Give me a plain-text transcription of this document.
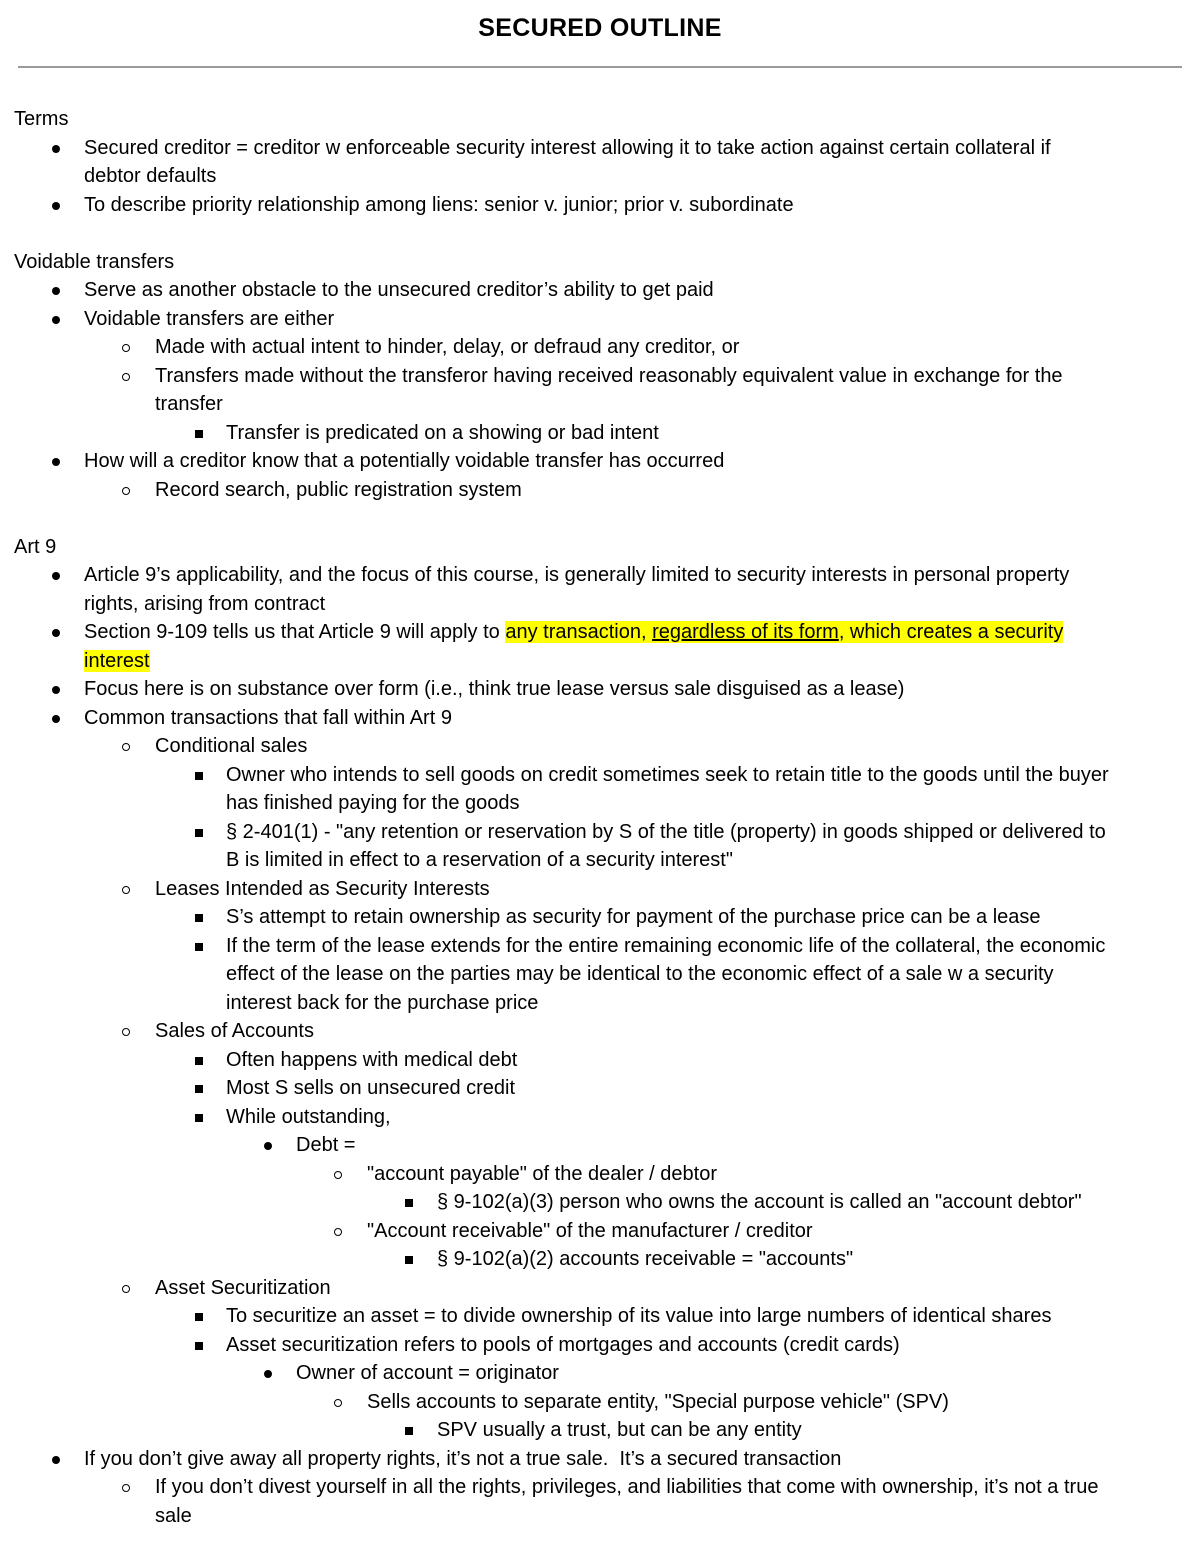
SECURED OUTLINE
Terms
Secured creditor = creditor w enforceable security interest allowing it to take action against certain collateral if
debtor defaults
To describe priority relationship among liens: senior v. junior; prior v. subordinate
Voidable transfers
Serve as another obstacle to the unsecured creditor’s ability to get paid
Voidable transfers are either
Made with actual intent to hinder, delay, or defraud any creditor, or
Transfers made without the transferor having received reasonably equivalent value in exchange for the
transfer
Transfer is predicated on a showing or bad intent
How will a creditor know that a potentially voidable transfer has occurred
Record search, public registration system
Art 9
Article 9’s applicability, and the focus of this course, is generally limited to security interests in personal property
rights, arising from contract
Section 9-109 tells us that Article 9 will apply to any transaction, regardless of its form, which creates a security
interest
Focus here is on substance over form (i.e., think true lease versus sale disguised as a lease)
Common transactions that fall within Art 9
Conditional sales
Owner who intends to sell goods on credit sometimes seek to retain title to the goods until the buyer
has finished paying for the goods
§ 2-401(1) - "any retention or reservation by S of the title (property) in goods shipped or delivered to
B is limited in effect to a reservation of a security interest"
Leases Intended as Security Interests
S’s attempt to retain ownership as security for payment of the purchase price can be a lease
If the term of the lease extends for the entire remaining economic life of the collateral, the economic
effect of the lease on the parties may be identical to the economic effect of a sale w a security
interest back for the purchase price
Sales of Accounts
Often happens with medical debt
Most S sells on unsecured credit
While outstanding,
Debt =
"account payable" of the dealer / debtor
§ 9-102(a)(3) person who owns the account is called an "account debtor"
"Account receivable" of the manufacturer / creditor
§ 9-102(a)(2) accounts receivable = "accounts"
Asset Securitization
To securitize an asset = to divide ownership of its value into large numbers of identical shares
Asset securitization refers to pools of mortgages and accounts (credit cards)
Owner of account = originator
Sells accounts to separate entity, "Special purpose vehicle" (SPV)
SPV usually a trust, but can be any entity
If you don’t give away all property rights, it’s not a true sale.  It’s a secured transaction
If you don’t divest yourself in all the rights, privileges, and liabilities that come with ownership, it’s not a true
sale
